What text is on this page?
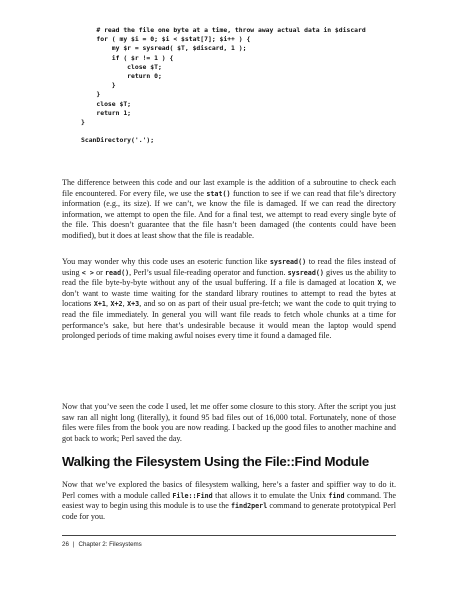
# read the file one byte at a time, throw away actual data in $discard
for ( my $i = 0; $i < $stat[7]; $i++ ) {
my $r = sysread( $T, $discard, 1 );
if ( $r != 1 ) {
close $T;
return 0;
}
}
close $T;
return 1;
}

ScanDirectory('.');

The difference between this code and our last example is the addition of a subroutine to check each file encountered. For every file, we use the stat() function to see if we can read that file’s directory information (e.g., its size). If we can’t, we know the file is damaged. If we can read the directory information, we attempt to open the file. And for a final test, we attempt to read every single byte of the file. This doesn’t guarantee that the file hasn’t been damaged (the contents could have been modified), but it does at least show that the file is readable.

You may wonder why this code uses an esoteric function like sysread() to read the files instead of using < > or read(), Perl’s usual file-reading operator and function. sysread() gives us the ability to read the file byte-by-byte without any of the usual buffering. If a file is damaged at location X, we don’t want to waste time waiting for the standard library routines to attempt to read the bytes at locations X+1, X+2, X+3, and so on as part of their usual pre-fetch; we want the code to quit trying to read the file immediately. In general you will want file reads to fetch whole chunks at a time for performance’s sake, but here that’s undesirable because it would mean the laptop would spend prolonged periods of time making awful noises every time it found a damaged file.

Now that you’ve seen the code I used, let me offer some closure to this story. After the script you just saw ran all night long (literally), it found 95 bad files out of 16,000 total. Fortunately, none of those files were files from the book you are now reading. I backed up the good files to another machine and got back to work; Perl saved the day.

Walking the Filesystem Using the File::Find Module

Now that we’ve explored the basics of filesystem walking, here’s a faster and spiffier way to do it. Perl comes with a module called File::Find that allows it to emulate the Unix find command. The easiest way to begin using this module is to use the find2perl command to generate prototypical Perl code for you.

26 | Chapter 2: Filesystems
